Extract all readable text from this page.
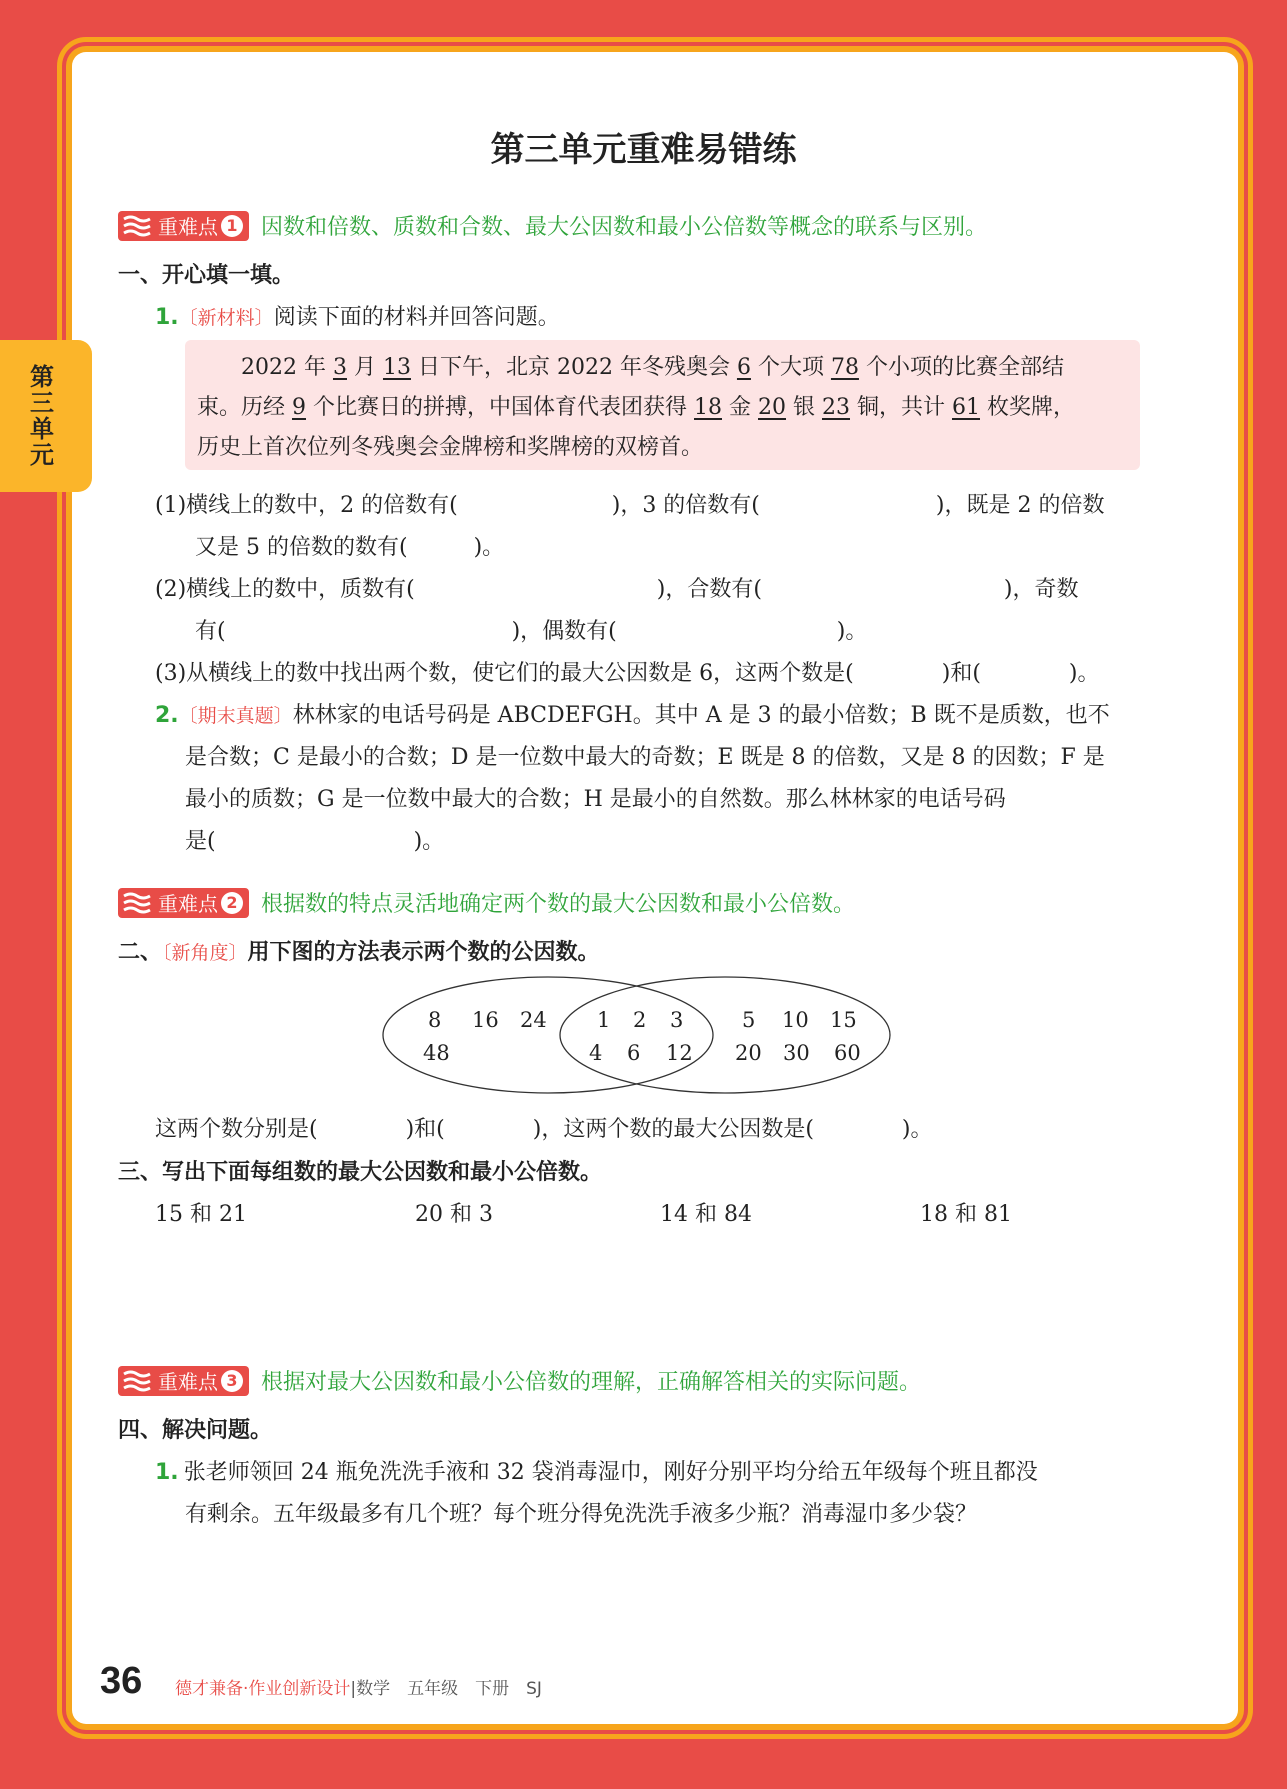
第三单元
第三单元重难易错练
重难点 1 因数和倍数、质数和合数、最大公因数和最小公倍数等概念的联系与区别。
一、开心填一填。
1.〔新材料〕阅读下面的材料并回答问题。
　　2022 年 3 月 13 日下午，北京 2022 年冬残奥会 6 个大项 78 个小项的比赛全部结
束。历经 9 个比赛日的拼搏，中国体育代表团获得 18 金 20 银 23 铜，共计 61 枚奖牌，
历史上首次位列冬残奥会金牌榜和奖牌榜的双榜首。
(1)横线上的数中，2 的倍数有(　　　　　　　)，3 的倍数有(　　　　　　　　)，既是 2 的倍数
又是 5 的倍数的数有(　　　)。
(2)横线上的数中，质数有(　　　　　　　　　　　)，合数有(　　　　　　　　　　　)，奇数
有(　　　　　　　　　　　　　)，偶数有(　　　　　　　　　　)。
(3)从横线上的数中找出两个数，使它们的最大公因数是 6，这两个数是(　　　　)和(　　　　)。
2.〔期末真题〕林林家的电话号码是 ABCDEFGH。其中 A 是 3 的最小倍数；B 既不是质数，也不
是合数；C 是最小的合数；D 是一位数中最大的奇数；E 既是 8 的倍数，又是 8 的因数；F 是
最小的质数；G 是一位数中最大的合数；H 是最小的自然数。那么林林家的电话号码
是(　　　　　　　　　)。
重难点 2 根据数的特点灵活地确定两个数的最大公因数和最小公倍数。
二、〔新角度〕用下图的方法表示两个数的公因数。
8 16 24
48
1 2 3
4 6 12
5 10 15
20 30 60
这两个数分别是(　　　　)和(　　　　)，这两个数的最大公因数是(　　　　)。
三、写出下面每组数的最大公因数和最小公倍数。
15 和 21	20 和 3	14 和 84	18 和 81
重难点 3 根据对最大公因数和最小公倍数的理解，正确解答相关的实际问题。
四、解决问题。
1. 张老师领回 24 瓶免洗洗手液和 32 袋消毒湿巾，刚好分别平均分给五年级每个班且都没
有剩余。五年级最多有几个班？每个班分得免洗洗手液多少瓶？消毒湿巾多少袋？
36 德才兼备·作业创新设计|数学　五年级　下册　SJ
